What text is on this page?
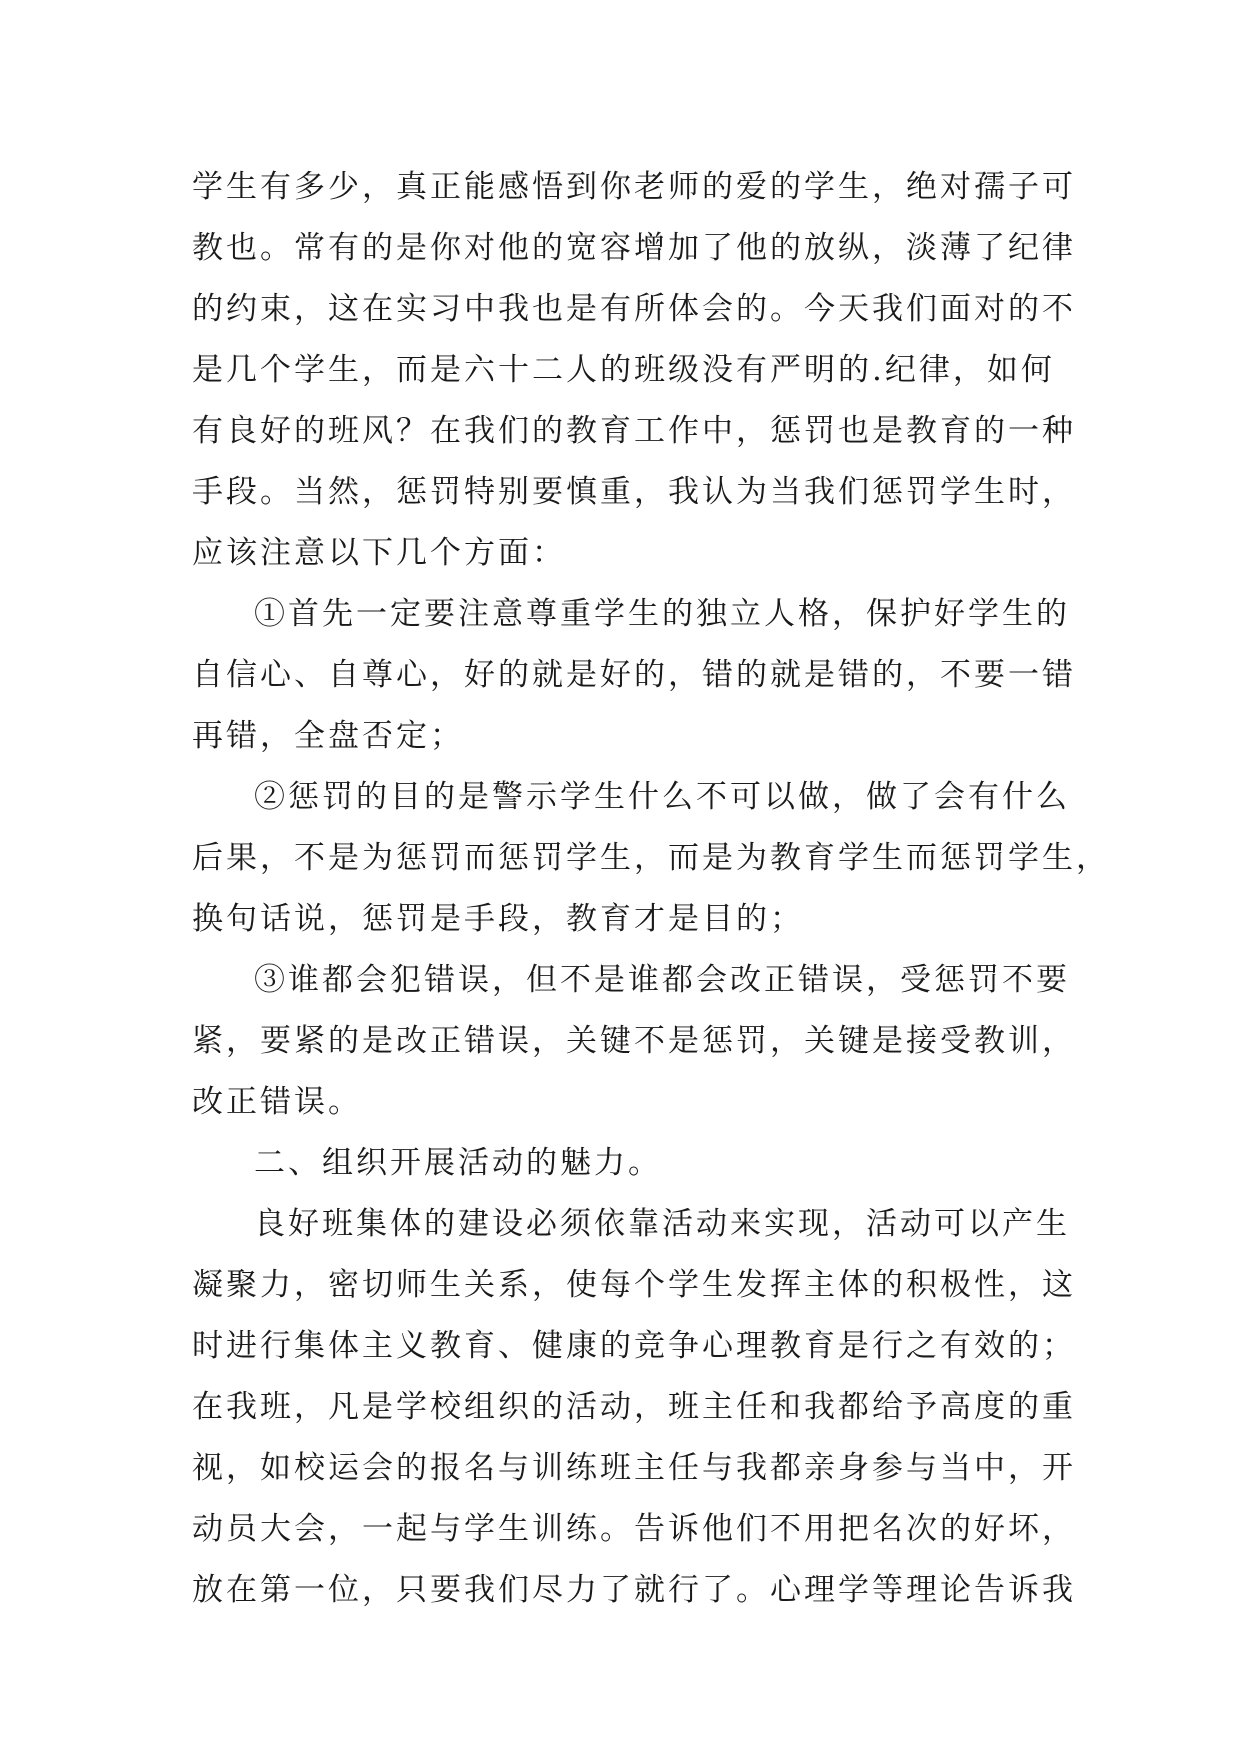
学生有多少，真正能感悟到你老师的爱的学生，绝对孺子可
教也。常有的是你对他的宽容增加了他的放纵，淡薄了纪律
的约束，这在实习中我也是有所体会的。今天我们面对的不
是几个学生，而是六十二人的班级没有严明的.纪律，如何
有良好的班风？在我们的教育工作中，惩罚也是教育的一种
手段。当然，惩罚特别要慎重，我认为当我们惩罚学生时，
应该注意以下几个方面：
①首先一定要注意尊重学生的独立人格，保护好学生的
自信心、自尊心，好的就是好的，错的就是错的，不要一错
再错，全盘否定；
②惩罚的目的是警示学生什么不可以做，做了会有什么
后果，不是为惩罚而惩罚学生，而是为教育学生而惩罚学生，
换句话说，惩罚是手段，教育才是目的；
③谁都会犯错误，但不是谁都会改正错误，受惩罚不要
紧，要紧的是改正错误，关键不是惩罚，关键是接受教训，
改正错误。
二、组织开展活动的魅力。
良好班集体的建设必须依靠活动来实现，活动可以产生
凝聚力，密切师生关系，使每个学生发挥主体的积极性，这
时进行集体主义教育、健康的竞争心理教育是行之有效的；
在我班，凡是学校组织的活动，班主任和我都给予高度的重
视，如校运会的报名与训练班主任与我都亲身参与当中，开
动员大会，一起与学生训练。告诉他们不用把名次的好坏，
放在第一位，只要我们尽力了就行了。心理学等理论告诉我
